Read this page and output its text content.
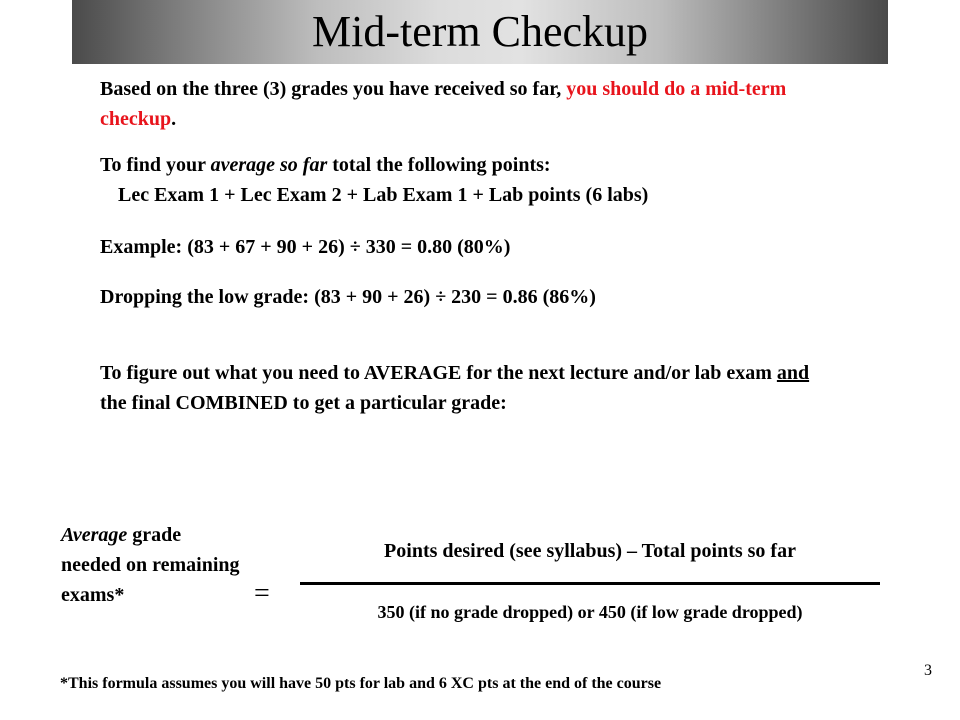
Mid-term Checkup
Based on the three (3) grades you have received so far, you should do a mid-term checkup.
To find your average so far total the following points:
Lec Exam 1 + Lec Exam 2 + Lab Exam 1 + Lab points (6 labs)
Example: (83 + 67 + 90 + 26) ÷ 330 = 0.80 (80%)
Dropping the low grade: (83 + 90 + 26) ÷ 230 = 0.86 (86%)
To figure out what you need to AVERAGE for the next lecture and/or lab exam and the final COMBINED to get a particular grade:
Average grade needed on remaining exams*	=
Points desired (see syllabus) – Total points so far
350 (if no grade dropped) or 450 (if low grade dropped)
*This formula assumes you will have 50 pts for lab and 6 XC pts at the end of the course
3
